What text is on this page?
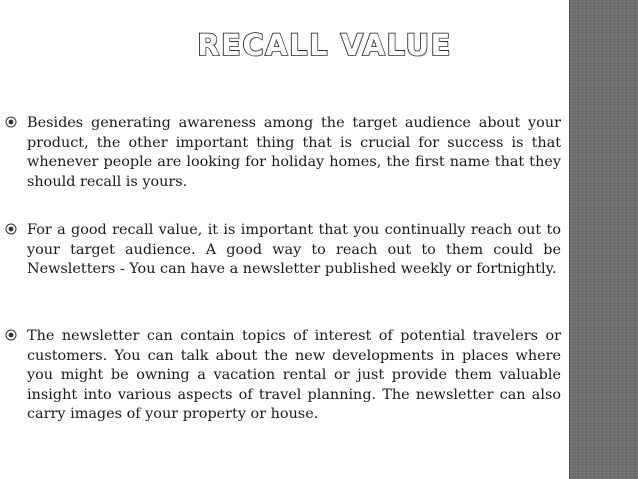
RECALL VALUE
Besides generating awareness among the target audience about your product, the other important thing that is crucial for success is that whenever people are looking for holiday homes, the first name that they should recall is yours.
For a good recall value, it is important that you continually reach out to your target audience. A good way to reach out to them could be Newsletters - You can have a newsletter published weekly or fortnightly.
The newsletter can contain topics of interest of potential travelers or customers. You can talk about the new developments in places where you might be owning a vacation rental or just provide them valuable insight into various aspects of travel planning. The newsletter can also carry images of your property or house.
